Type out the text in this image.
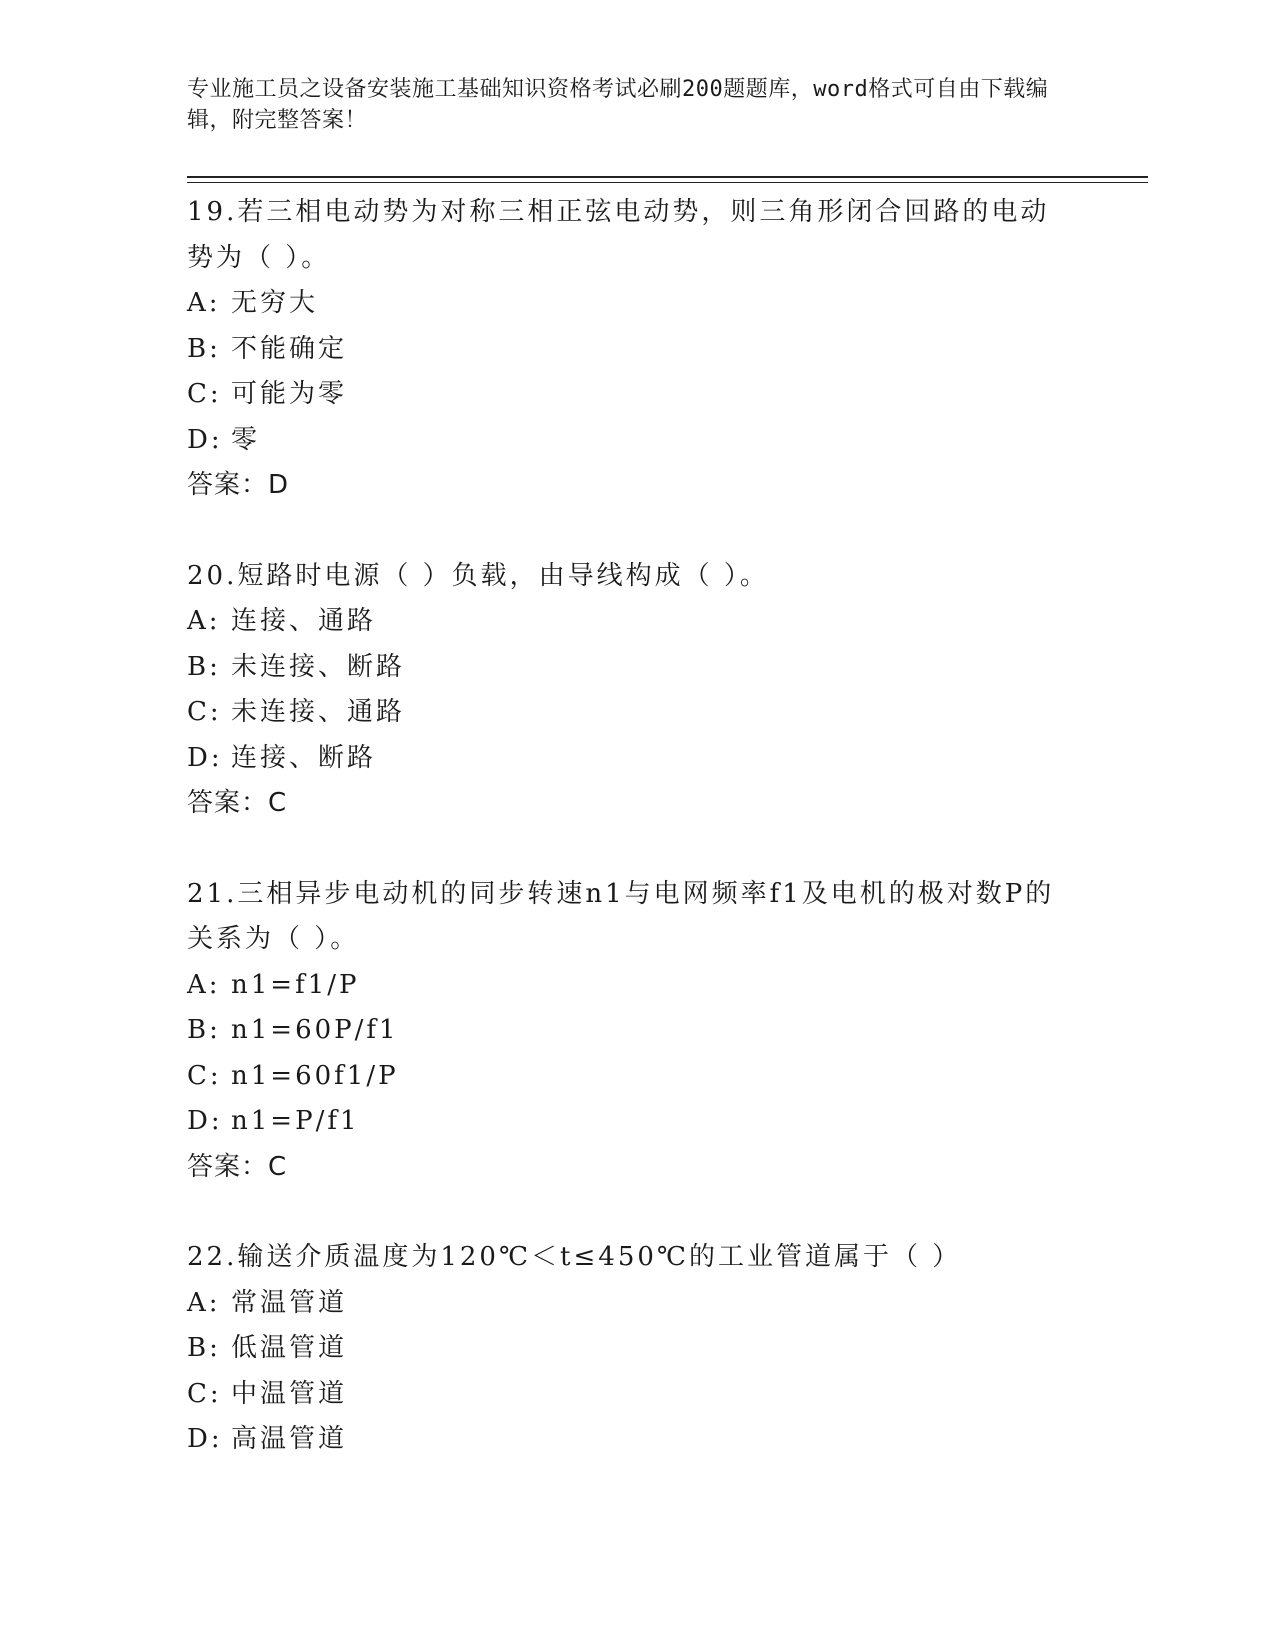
专业施工员之设备安装施工基础知识资格考试必刷200题题库，word格式可自由下载编辑，附完整答案！
19.若三相电动势为对称三相正弦电动势，则三角形闭合回路的电动势为（ ）。
A: 无穷大
B: 不能确定
C: 可能为零
D: 零
答案：D
20.短路时电源（ ）负载，由导线构成（ ）。
A: 连接、通路
B: 未连接、断路
C: 未连接、通路
D: 连接、断路
答案：C
21.三相异步电动机的同步转速n1与电网频率f1及电机的极对数P的关系为（ ）。
A: n1=f1/P
B: n1=60P/f1
C: n1=60f1/P
D: n1=P/f1
答案：C
22.输送介质温度为120℃＜t≤450℃的工业管道属于（ ）
A: 常温管道
B: 低温管道
C: 中温管道
D: 高温管道
